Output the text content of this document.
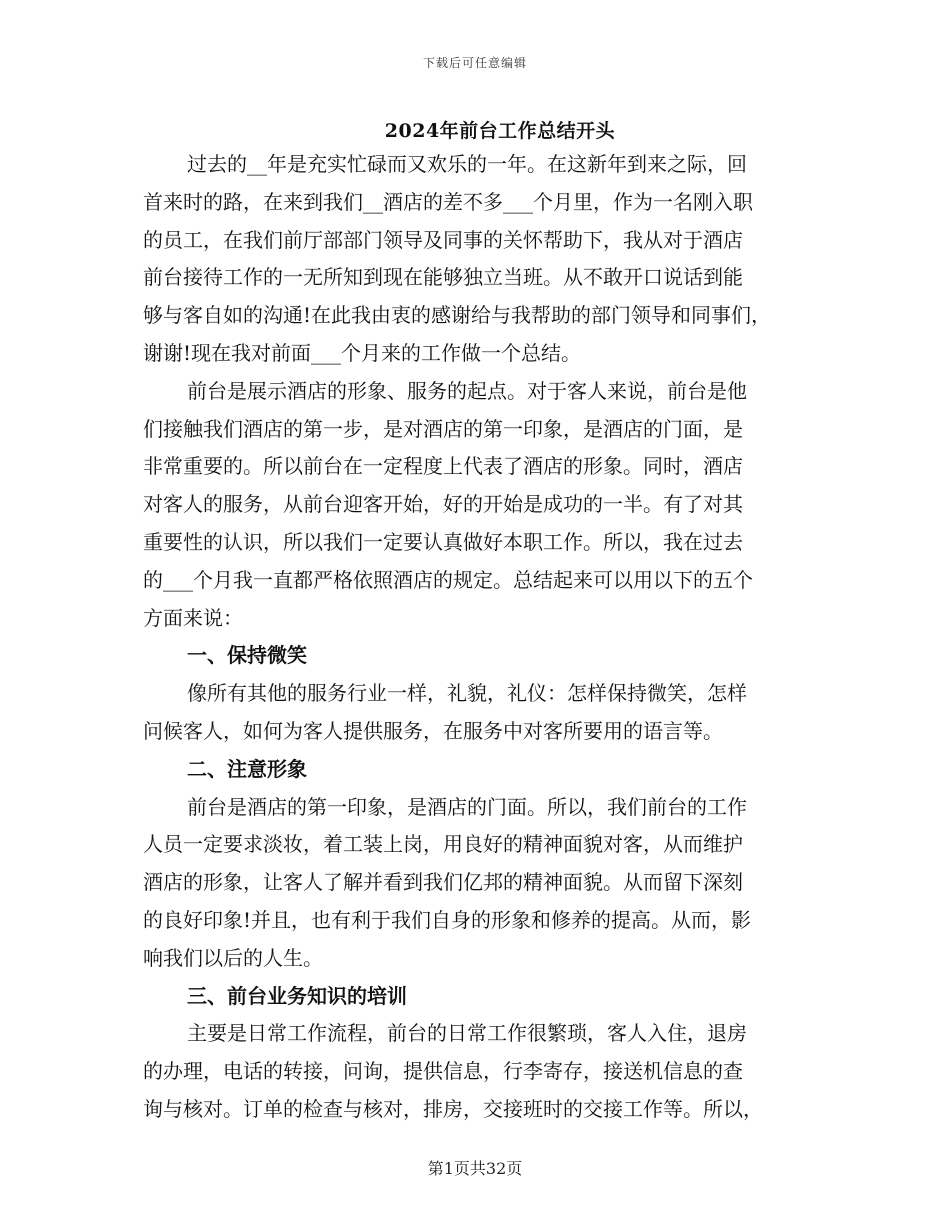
下载后可任意编辑
2024年前台工作总结开头
过去的__年是充实忙碌而又欢乐的一年。在这新年到来之际，回
首来时的路，在来到我们__酒店的差不多___个月里，作为一名刚入职
的员工，在我们前厅部部门领导及同事的关怀帮助下，我从对于酒店
前台接待工作的一无所知到现在能够独立当班。从不敢开口说话到能
够与客自如的沟通!在此我由衷的感谢给与我帮助的部门领导和同事们，
谢谢!现在我对前面___个月来的工作做一个总结。
前台是展示酒店的形象、服务的起点。对于客人来说，前台是他
们接触我们酒店的第一步，是对酒店的第一印象，是酒店的门面，是
非常重要的。所以前台在一定程度上代表了酒店的形象。同时，酒店
对客人的服务，从前台迎客开始，好的开始是成功的一半。有了对其
重要性的认识，所以我们一定要认真做好本职工作。所以，我在过去
的___个月我一直都严格依照酒店的规定。总结起来可以用以下的五个
方面来说：
一、保持微笑
像所有其他的服务行业一样，礼貌，礼仪：怎样保持微笑，怎样
问候客人，如何为客人提供服务，在服务中对客所要用的语言等。
二、注意形象
前台是酒店的第一印象，是酒店的门面。所以，我们前台的工作
人员一定要求淡妆，着工装上岗，用良好的精神面貌对客，从而维护
酒店的形象，让客人了解并看到我们亿邦的精神面貌。从而留下深刻
的良好印象!并且，也有利于我们自身的形象和修养的提高。从而，影
响我们以后的人生。
三、前台业务知识的培训
主要是日常工作流程，前台的日常工作很繁琐，客人入住，退房
的办理，电话的转接，问询，提供信息，行李寄存，接送机信息的查
询与核对。订单的检查与核对，排房，交接班时的交接工作等。所以，
第1页共32页
